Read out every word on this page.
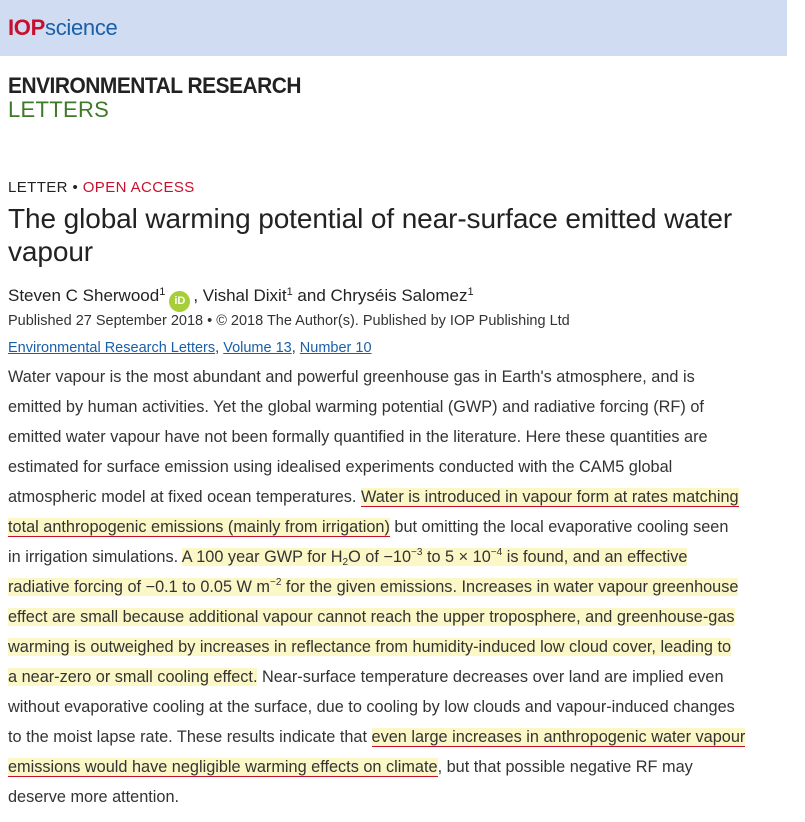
IOPscience
ENVIRONMENTAL RESEARCH
LETTERS
LETTER • OPEN ACCESS
The global warming potential of near-surface emitted water vapour
Steven C Sherwood$^1$iD , Vishal Dixit$^1$ and Chryséis Salomez$^1$
Published 27 September 2018 • © 2018 The Author(s). Published by IOP Publishing Ltd
Environmental Research Letters, Volume 13, Number 10
Water vapour is the most abundant and powerful greenhouse gas in Earth's atmosphere, and is
emitted by human activities. Yet the global warming potential (GWP) and radiative forcing (RF) of
emitted water vapour have not been formally quantified in the literature. Here these quantities are
estimated for surface emission using idealised experiments conducted with the CAM5 global
atmospheric model at fixed ocean temperatures. Water is introduced in vapour form at rates matching
total anthropogenic emissions (mainly from irrigation) but omitting the local evaporative cooling seen
in irrigation simulations. A 100 year GWP for $H_2O$ of $-10^{-3}$ to $5 \times 10^{-4}$ is found, and an effective
radiative forcing of −0.1 to 0.05 W $m^{-2}$ for the given emissions. Increases in water vapour greenhouse
effect are small because additional vapour cannot reach the upper troposphere, and greenhouse-gas
warming is outweighed by increases in reflectance from humidity-induced low cloud cover, leading to
a near-zero or small cooling effect. Near-surface temperature decreases over land are implied even
without evaporative cooling at the surface, due to cooling by low clouds and vapour-induced changes
to the moist lapse rate. These results indicate that even large increases in anthropogenic water vapour
emissions would have negligible warming effects on climate, but that possible negative RF may
deserve more attention.
